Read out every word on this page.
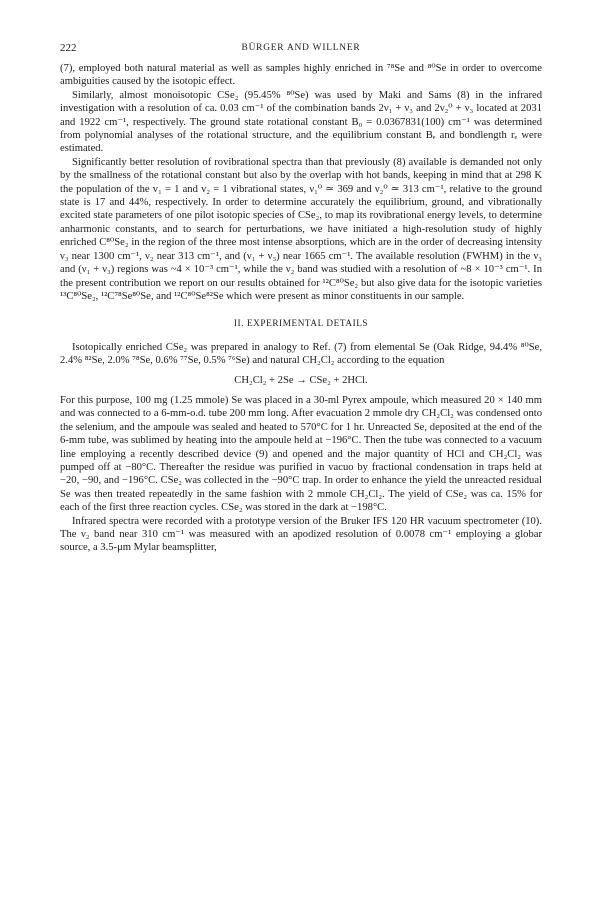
222	BÜRGER AND WILLNER

(7), employed both natural material as well as samples highly enriched in ⁷⁸Se and ⁸⁰Se in order to overcome ambiguities caused by the isotopic effect.

Similarly, almost monoisotopic CSe₂ (95.45% ⁸⁰Se) was used by Maki and Sams (8) in the infrared investigation with a resolution of ca. 0.03 cm⁻¹ of the combination bands 2ν₁ + ν₃ and 2ν₂⁰ + ν₃ located at 2031 and 1922 cm⁻¹, respectively. The ground state rotational constant B₀ = 0.0367831(100) cm⁻¹ was determined from polynomial analyses of the rotational structure, and the equilibrium constant Bₑ and bondlength rₑ were estimated.

Significantly better resolution of rovibrational spectra than that previously (8) available is demanded not only by the smallness of the rotational constant but also by the overlap with hot bands, keeping in mind that at 298 K the population of the v₁ = 1 and v₂ = 1 vibrational states, ν₁⁰ ≃ 369 and ν₂⁰ ≃ 313 cm⁻¹, relative to the ground state is 17 and 44%, respectively. In order to determine accurately the equilibrium, ground, and vibrationally excited state parameters of one pilot isotopic species of CSe₂, to map its rovibrational energy levels, to determine anharmonic constants, and to search for perturbations, we have initiated a high-resolution study of highly enriched C⁸⁰Se₂ in the region of the three most intense absorptions, which are in the order of decreasing intensity ν₃ near 1300 cm⁻¹, ν₂ near 313 cm⁻¹, and (ν₁ + ν₃) near 1665 cm⁻¹. The available resolution (FWHM) in the ν₃ and (ν₁ + ν₃) regions was ~4 × 10⁻³ cm⁻¹, while the ν₂ band was studied with a resolution of ~8 × 10⁻³ cm⁻¹. In the present contribution we report on our results obtained for ¹²C⁸⁰Se₂ but also give data for the isotopic varieties ¹³C⁸⁰Se₂, ¹²C⁷⁸Se⁸⁰Se, and ¹²C⁸⁰Se⁸²Se which were present as minor constituents in our sample.

II. EXPERIMENTAL DETAILS

Isotopically enriched CSe₂ was prepared in analogy to Ref. (7) from elemental Se (Oak Ridge, 94.4% ⁸⁰Se, 2.4% ⁸²Se, 2.0% ⁷⁸Se, 0.6% ⁷⁷Se, 0.5% ⁷⁶Se) and natural CH₂Cl₂ according to the equation

CH₂Cl₂ + 2Se → CSe₂ + 2HCl.

For this purpose, 100 mg (1.25 mmole) Se was placed in a 30-ml Pyrex ampoule, which measured 20 × 140 mm and was connected to a 6-mm-o.d. tube 200 mm long. After evacuation 2 mmole dry CH₂Cl₂ was condensed onto the selenium, and the ampoule was sealed and heated to 570°C for 1 hr. Unreacted Se, deposited at the end of the 6-mm tube, was sublimed by heating into the ampoule held at −196°C. Then the tube was connected to a vacuum line employing a recently described device (9) and opened and the major quantity of HCl and CH₂Cl₂ was pumped off at −80°C. Thereafter the residue was purified in vacuo by fractional condensation in traps held at −20, −90, and −196°C. CSe₂ was collected in the −90°C trap. In order to enhance the yield the unreacted residual Se was then treated repeatedly in the same fashion with 2 mmole CH₂Cl₂. The yield of CSe₂ was ca. 15% for each of the first three reaction cycles. CSe₂ was stored in the dark at −198°C.

Infrared spectra were recorded with a prototype version of the Bruker IFS 120 HR vacuum spectrometer (10). The ν₂ band near 310 cm⁻¹ was measured with an apodized resolution of 0.0078 cm⁻¹ employing a globar source, a 3.5-μm Mylar beamsplitter,
